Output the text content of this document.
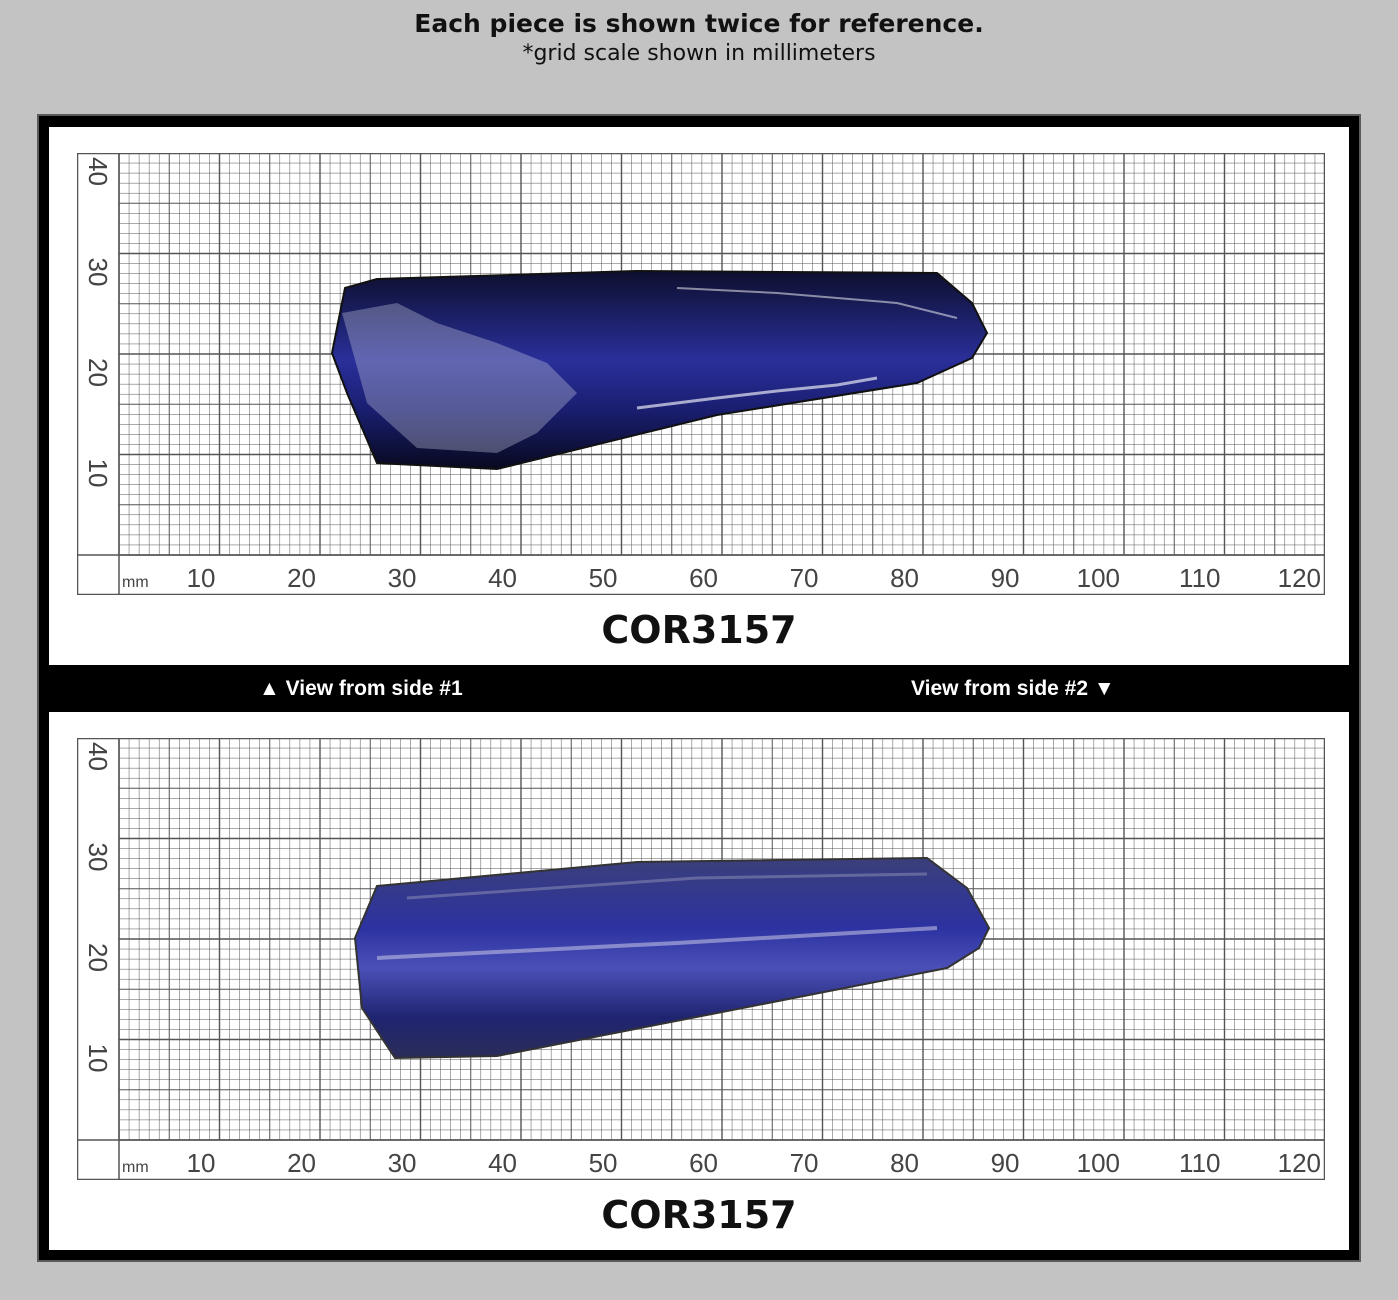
Each piece is shown twice for reference.
*grid scale shown in millimeters
10	20	30	40	50	60	70	80	90 100 110 120
mm
10
20
30
40
COR3157
▲ View from side #1	View from side #2 ▼
10	20	30	40	50	60	70	80	90 100 110 120
mm
10
20
30
40
COR3157
